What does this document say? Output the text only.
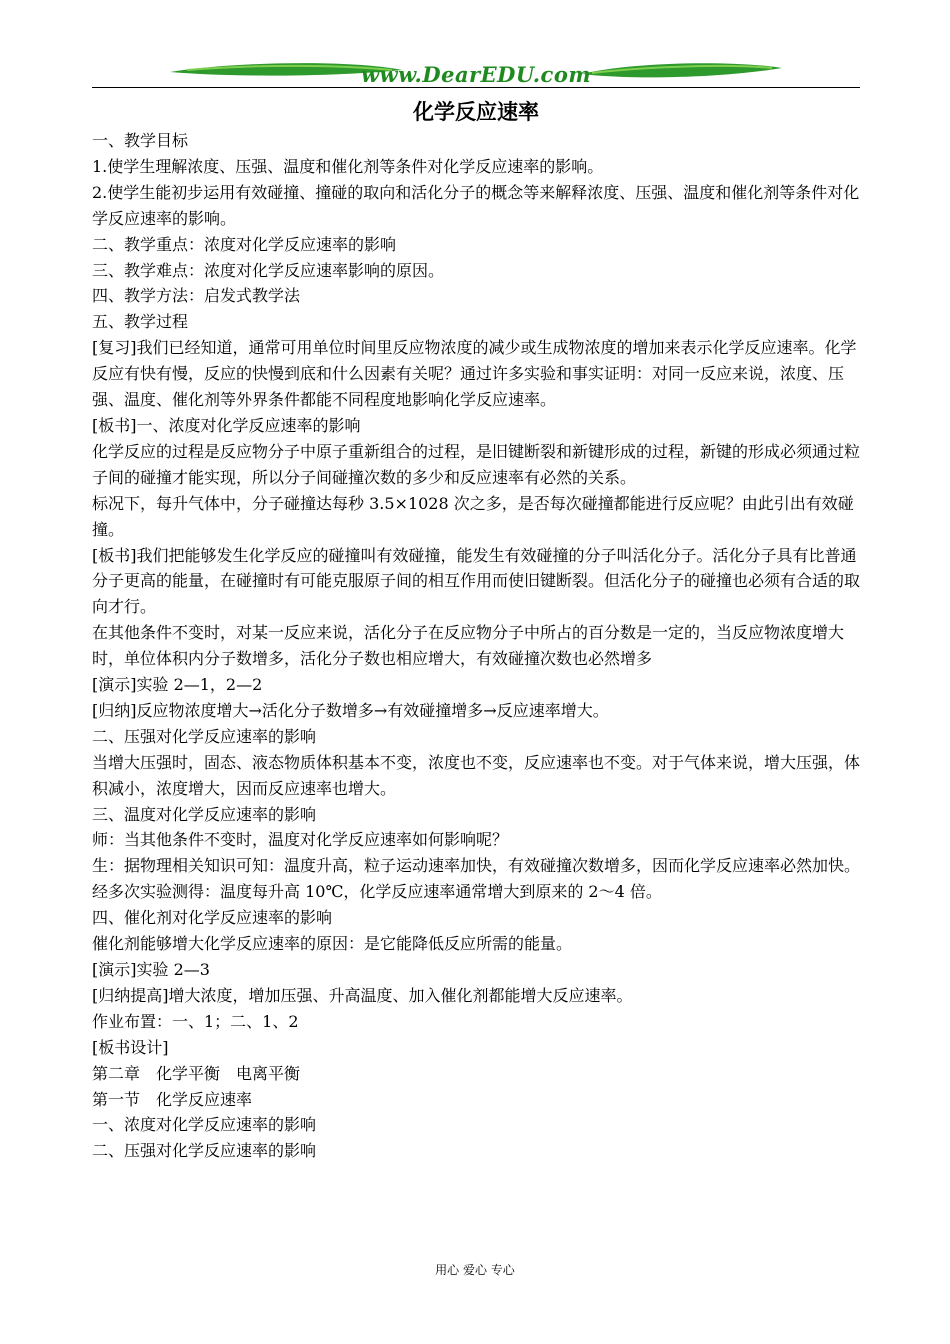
www.DearEDU.com
化学反应速率

一、教学目标

1.使学生理解浓度、压强、温度和催化剂等条件对化学反应速率的影响。

2.使学生能初步运用有效碰撞、撞碰的取向和活化分子的概念等来解释浓度、压强、温度和催化剂等条件对化学反应速率的影响。

二、教学重点：浓度对化学反应速率的影响

三、教学难点：浓度对化学反应速率影响的原因。

四、教学方法：启发式教学法

五、教学过程

[复习]我们已经知道，通常可用单位时间里反应物浓度的减少或生成物浓度的增加来表示化学反应速率。化学反应有快有慢，反应的快慢到底和什么因素有关呢？通过许多实验和事实证明：对同一反应来说，浓度、压强、温度、催化剂等外界条件都能不同程度地影响化学反应速率。

[板书]一、浓度对化学反应速率的影响

化学反应的过程是反应物分子中原子重新组合的过程，是旧键断裂和新键形成的过程，新键的形成必须通过粒子间的碰撞才能实现，所以分子间碰撞次数的多少和反应速率有必然的关系。

标况下，每升气体中，分子碰撞达每秒 3.5×1028 次之多，是否每次碰撞都能进行反应呢？由此引出有效碰撞。

[板书]我们把能够发生化学反应的碰撞叫有效碰撞，能发生有效碰撞的分子叫活化分子。活化分子具有比普通分子更高的能量，在碰撞时有可能克服原子间的相互作用而使旧键断裂。但活化分子的碰撞也必须有合适的取向才行。

在其他条件不变时，对某一反应来说，活化分子在反应物分子中所占的百分数是一定的，当反应物浓度增大时，单位体积内分子数增多，活化分子数也相应增大，有效碰撞次数也必然增多

[演示]实验 2—1，2—2

[归纳]反应物浓度增大→活化分子数增多→有效碰撞增多→反应速率增大。

二、压强对化学反应速率的影响

当增大压强时，固态、液态物质体积基本不变，浓度也不变，反应速率也不变。对于气体来说，增大压强，体积减小，浓度增大，因而反应速率也增大。

三、温度对化学反应速率的影响

师：当其他条件不变时，温度对化学反应速率如何影响呢？

生：据物理相关知识可知：温度升高，粒子运动速率加快，有效碰撞次数增多，因而化学反应速率必然加快。

经多次实验测得：温度每升高 10℃，化学反应速率通常增大到原来的 2～4 倍。

四、催化剂对化学反应速率的影响

催化剂能够增大化学反应速率的原因：是它能降低反应所需的能量。

[演示]实验 2—3

[归纳提高]增大浓度，增加压强、升高温度、加入催化剂都能增大反应速率。

作业布置：一、1；二、1、2

[板书设计]

第二章　化学平衡　电离平衡

第一节　化学反应速率

一、浓度对化学反应速率的影响

二、压强对化学反应速率的影响

用心 爱心 专心
